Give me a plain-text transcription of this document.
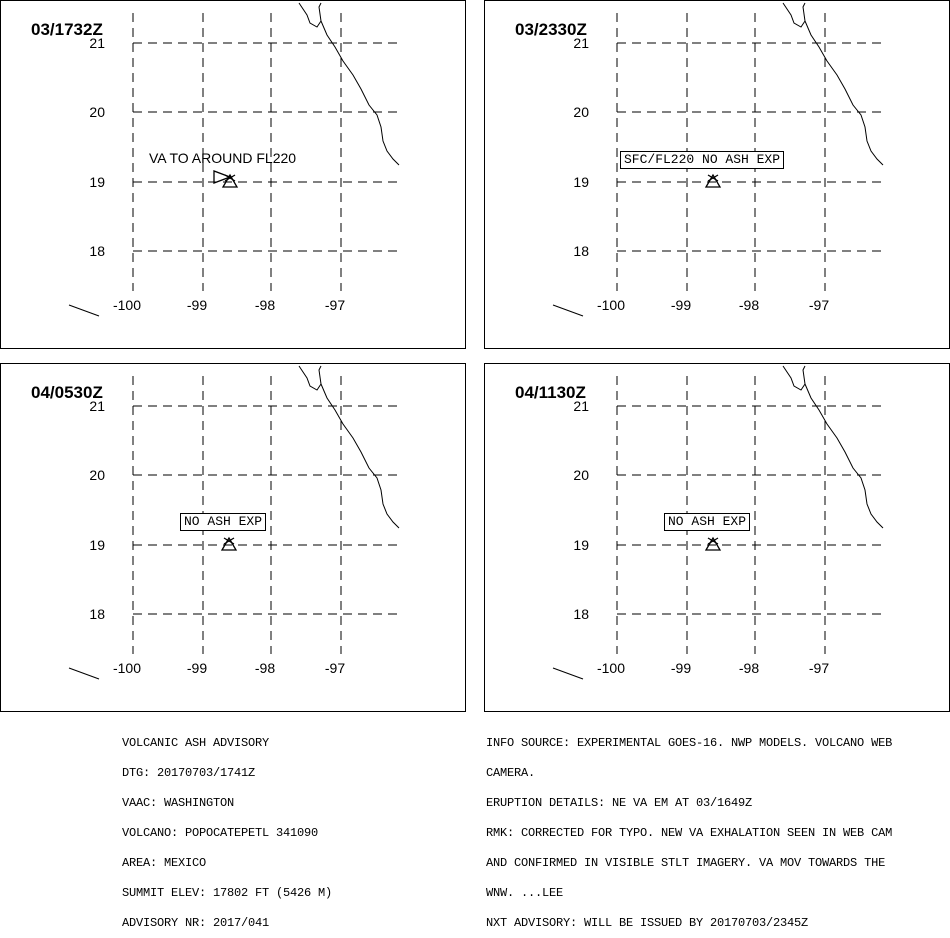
03/1732Z
VA TO AROUND FL220
21
20
19
18
-100	-99	-98	-97
03/2330Z
SFC/FL220 NO ASH EXP
21
20
19
18
-100	-99	-98	-97
04/0530Z
NO ASH EXP
21
20
19
18
-100	-99	-98	-97
04/1130Z
NO ASH EXP
21
20
19
18
-100	-99	-98	-97

VOLCANIC ASH ADVISORY

DTG: 20170703/1741Z

VAAC: WASHINGTON

VOLCANO: POPOCATEPETL 341090

AREA: MEXICO

SUMMIT ELEV: 17802 FT (5426 M)

ADVISORY NR: 2017/041

INFO SOURCE: EXPERIMENTAL GOES-16. NWP MODELS. VOLCANO WEB

CAMERA.

ERUPTION DETAILS: NE VA EM AT 03/1649Z

RMK: CORRECTED FOR TYPO. NEW VA EXHALATION SEEN IN WEB CAM

AND CONFIRMED IN VISIBLE STLT IMAGERY. VA MOV TOWARDS THE

WNW. ...LEE

NXT ADVISORY: WILL BE ISSUED BY 20170703/2345Z
